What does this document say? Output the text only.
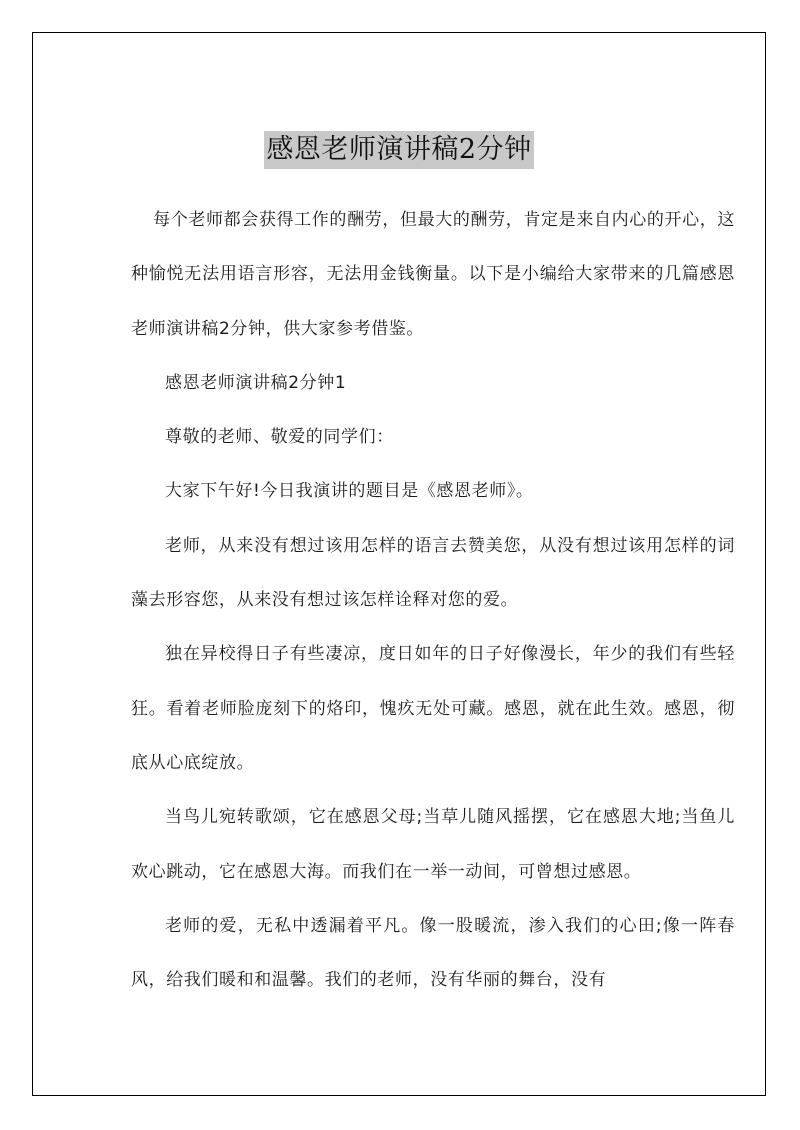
感恩老师演讲稿2分钟

每个老师都会获得工作的酬劳，但最大的酬劳，肯定是来自内心的开心，这种愉悦无法用语言形容，无法用金钱衡量。以下是小编给大家带来的几篇感恩老师演讲稿2分钟，供大家参考借鉴。

感恩老师演讲稿2分钟1

尊敬的老师、敬爱的同学们：

大家下午好!今日我演讲的题目是《感恩老师》。

老师，从来没有想过该用怎样的语言去赞美您，从没有想过该用怎样的词藻去形容您，从来没有想过该怎样诠释对您的爱。

独在异校得日子有些凄凉，度日如年的日子好像漫长，年少的我们有些轻狂。看着老师脸庞刻下的烙印，愧疚无处可藏。感恩，就在此生效。感恩，彻底从心底绽放。

当鸟儿宛转歌颂，它在感恩父母;当草儿随风摇摆，它在感恩大地;当鱼儿欢心跳动，它在感恩大海。而我们在一举一动间，可曾想过感恩。

老师的爱，无私中透漏着平凡。像一股暖流，渗入我们的心田;像一阵春风，给我们暖和和温馨。我们的老师，没有华丽的舞台，没有
